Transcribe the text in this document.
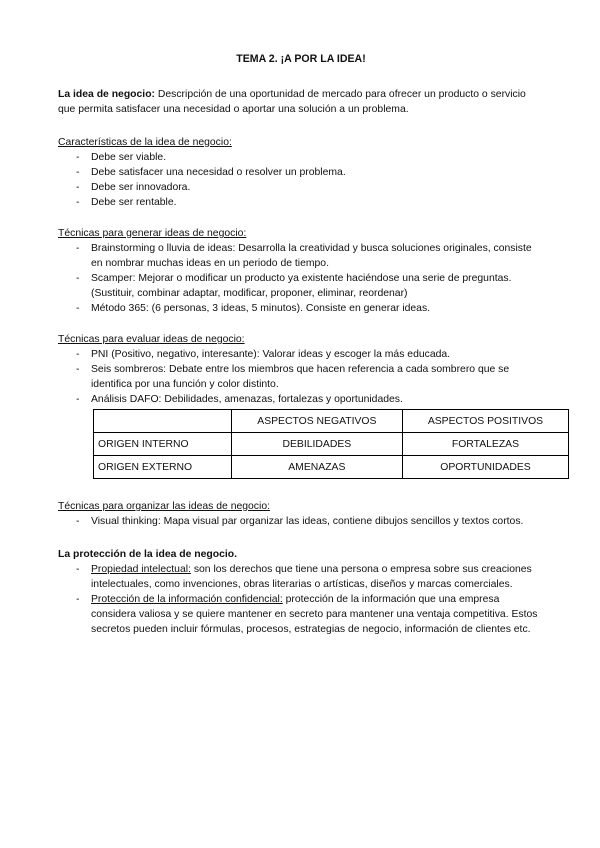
TEMA 2. ¡A POR LA IDEA!

La idea de negocio: Descripción de una oportunidad de mercado para ofrecer un producto o servicio que permita satisfacer una necesidad o aportar una solución a un problema.

Características de la idea de negocio:

- Debe ser viable.
- Debe satisfacer una necesidad o resolver un problema.
- Debe ser innovadora.
- Debe ser rentable.

Técnicas para generar ideas de negocio:

- Brainstorming o lluvia de ideas: Desarrolla la creatividad y busca soluciones originales, consiste en nombrar muchas ideas en un periodo de tiempo.
- Scamper: Mejorar o modificar un producto ya existente haciéndose una serie de preguntas. (Sustituir, combinar adaptar, modificar, proponer, eliminar, reordenar)
- Método 365: (6 personas, 3 ideas, 5 minutos). Consiste en generar ideas.

Técnicas para evaluar ideas de negocio:

- PNI (Positivo, negativo, interesante): Valorar ideas y escoger la más educada.
- Seis sombreros: Debate entre los miembros que hacen referencia a cada sombrero que se identifica por una función y color distinto.
- Análisis DAFO: Debilidades, amenazas, fortalezas y oportunidades.
	ASPECTOS NEGATIVOS	ASPECTOS POSITIVOS
ORIGEN INTERNO	DEBILIDADES	FORTALEZAS
ORIGEN EXTERNO	AMENAZAS	OPORTUNIDADES

Técnicas para organizar las ideas de negocio:

- Visual thinking: Mapa visual par organizar las ideas, contiene dibujos sencillos y textos cortos.

La protección de la idea de negocio.

- Propiedad intelectual: son los derechos que tiene una persona o empresa sobre sus creaciones intelectuales, como invenciones, obras literarias o artísticas, diseños y marcas comerciales.
- Protección de la información confidencial: protección de la información que una empresa considera valiosa y se quiere mantener en secreto para mantener una ventaja competitiva. Estos secretos pueden incluir fórmulas, procesos, estrategias de negocio, información de clientes etc.
